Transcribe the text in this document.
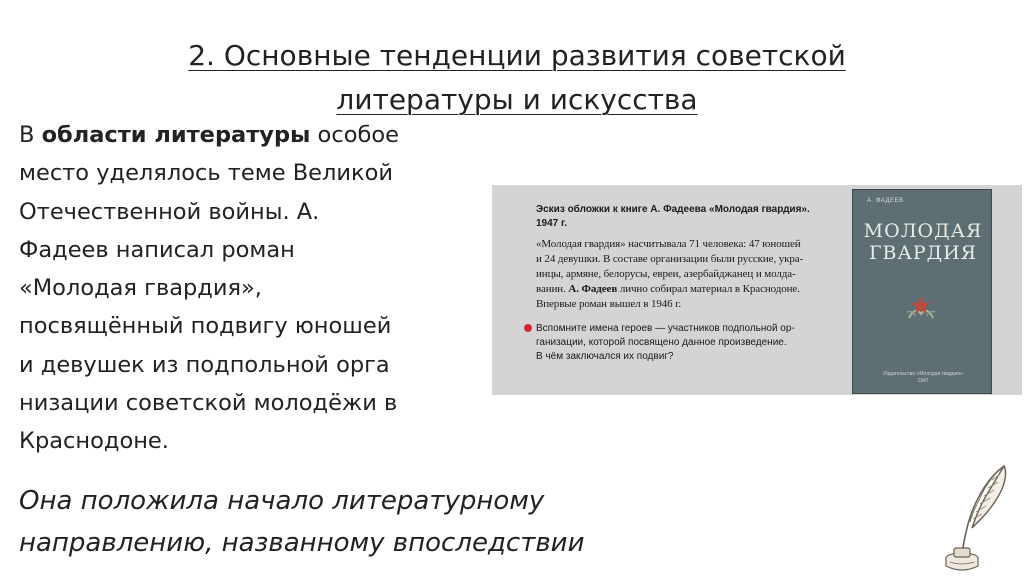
2. Основные тенденции развития советской
литературы и искусства
В области литературы особое
место уделялось теме Великой
Отечественной войны. А.
Фадеев написал роман
«Молодая гвардия»,
посвящённый подвигу юношей
и девушек из подпольной орга
низации советской молодёжи в
Краснодоне.
Эскиз обложки к книге А. Фадеева «Молодая гвардия».
1947 г.
«Молодая гвардия» насчитывала 71 человека: 47 юношей
и 24 девушки. В составе организации были русские, укра-
инцы, армяне, белорусы, евреи, азербайджанец и молда-
ванин. А. Фадеев лично собирал материал в Краснодоне.
Впервые роман вышел в 1946 г.
Вспомните имена героев — участников подпольной ор-
ганизации, которой посвящено данное произведение.
В чём заключался их подвиг?
А. ФАДЕЕВ
МОЛОДАЯ
ГВАРДИЯ
Издательство «Молодая гвардия»
1947
Она положила начало литературному
направлению, названному впоследствии
